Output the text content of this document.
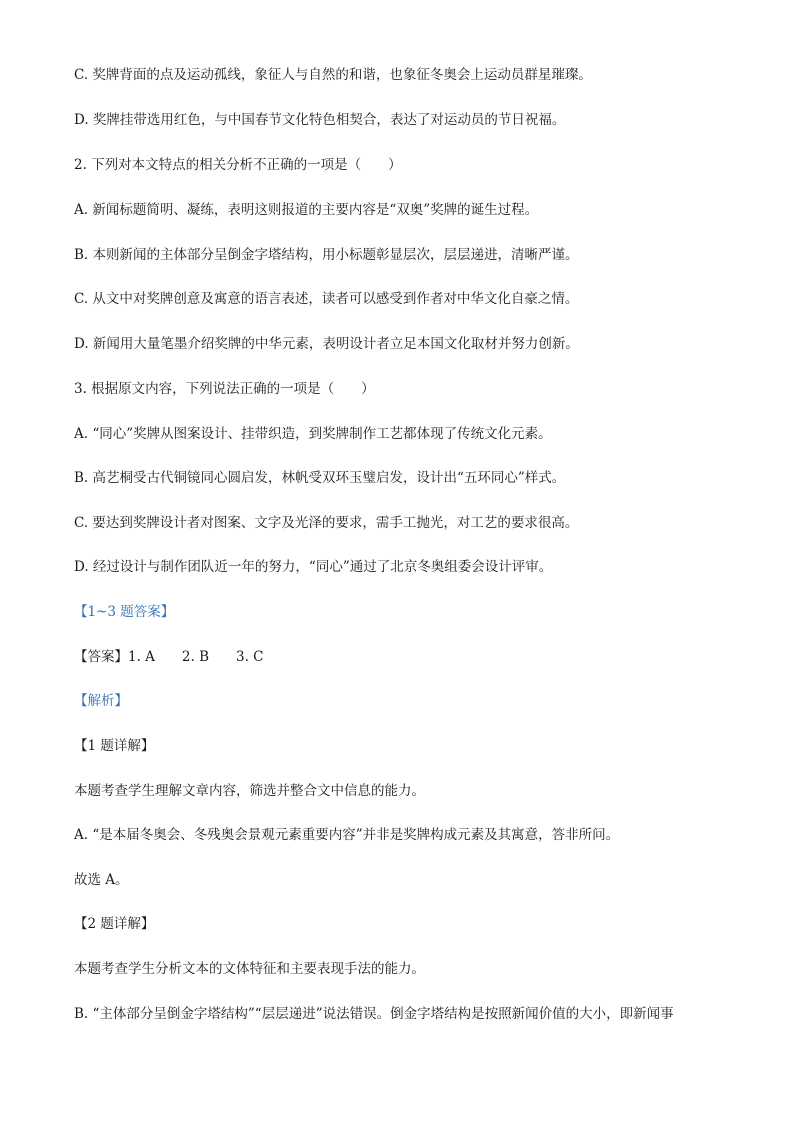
C. 奖牌背面的点及运动孤线，象征人与自然的和谐，也象征冬奥会上运动员群星璀璨。
D. 奖牌挂带选用红色，与中国春节文化特色相契合，表达了对运动员的节日祝福。
2. 下列对本文特点的相关分析不正确的一项是（　　）
A. 新闻标题简明、凝练，表明这则报道的主要内容是“双奥”奖牌的诞生过程。
B. 本则新闻的主体部分呈倒金字塔结构，用小标题彰显层次，层层递进，清晰严谨。
C. 从文中对奖牌创意及寓意的语言表述，读者可以感受到作者对中华文化自豪之情。
D. 新闻用大量笔墨介绍奖牌的中华元素，表明设计者立足本国文化取材并努力创新。
3. 根据原文内容，下列说法正确的一项是（　　）
A. “同心”奖牌从图案设计、挂带织造，到奖牌制作工艺都体现了传统文化元素。
B. 高艺桐受古代铜镜同心圆启发，林帆受双环玉璧启发，设计出“五环同心”样式。
C. 要达到奖牌设计者对图案、文字及光泽的要求，需手工抛光，对工艺的要求很高。
D. 经过设计与制作团队近一年的努力，“同心”通过了北京冬奥组委会设计评审。
【1~3 题答案】
【答案】1. A　　2. B　　3. C
【解析】
【1 题详解】
本题考查学生理解文章内容，筛选并整合文中信息的能力。
A. “是本届冬奥会、冬残奥会景观元素重要内容”并非是奖牌构成元素及其寓意，答非所问。
故选 A。
【2 题详解】
本题考查学生分析文本的文体特征和主要表现手法的能力。
B. “主体部分呈倒金字塔结构”“层层递进”说法错误。倒金字塔结构是按照新闻价值的大小，即新闻事
